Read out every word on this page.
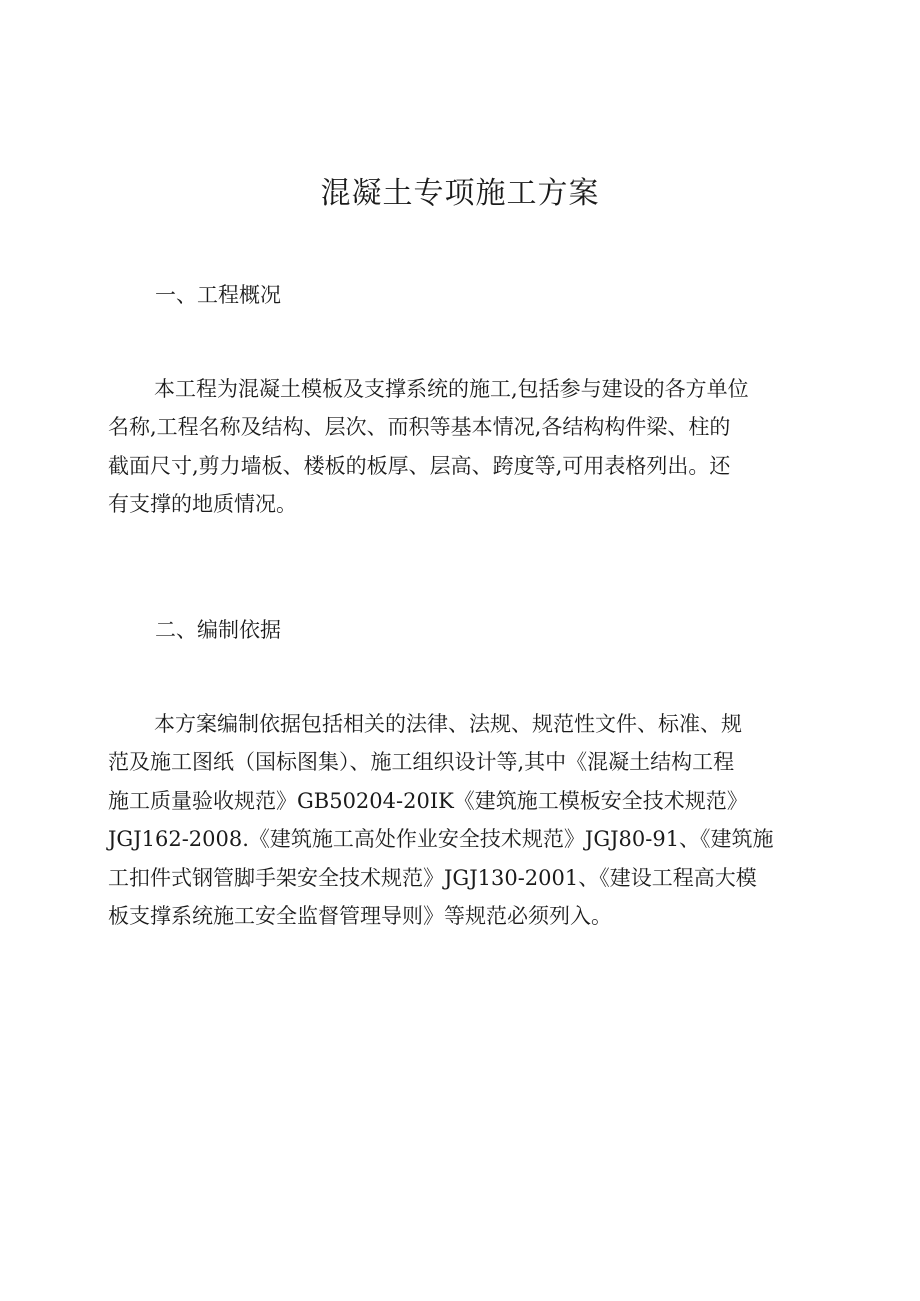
混凝土专项施工方案
一、工程概况
本工程为混凝土模板及支撑系统的施工,包括参与建设的各方单位
名称,工程名称及结构、层次、而积等基本情况,各结构构件梁、柱的
截面尺寸,剪力墙板、楼板的板厚、层高、跨度等,可用表格列出。还
有支撑的地质情况。
二、编制依据
本方案编制依据包括相关的法律、法规、规范性文件、标准、规
范及施工图纸（国标图集）、施工组织设计等,其中《混凝土结构工程
施工质量验收规范》GB50204-20IK《建筑施工模板安全技术规范》
JGJ162-2008.《建筑施工高处作业安全技术规范》JGJ80-91、《建筑施
工扣件式钢管脚手架安全技术规范》JGJ130-2001、《建设工程高大模
板支撑系统施工安全监督管理导则》等规范必须列入。
